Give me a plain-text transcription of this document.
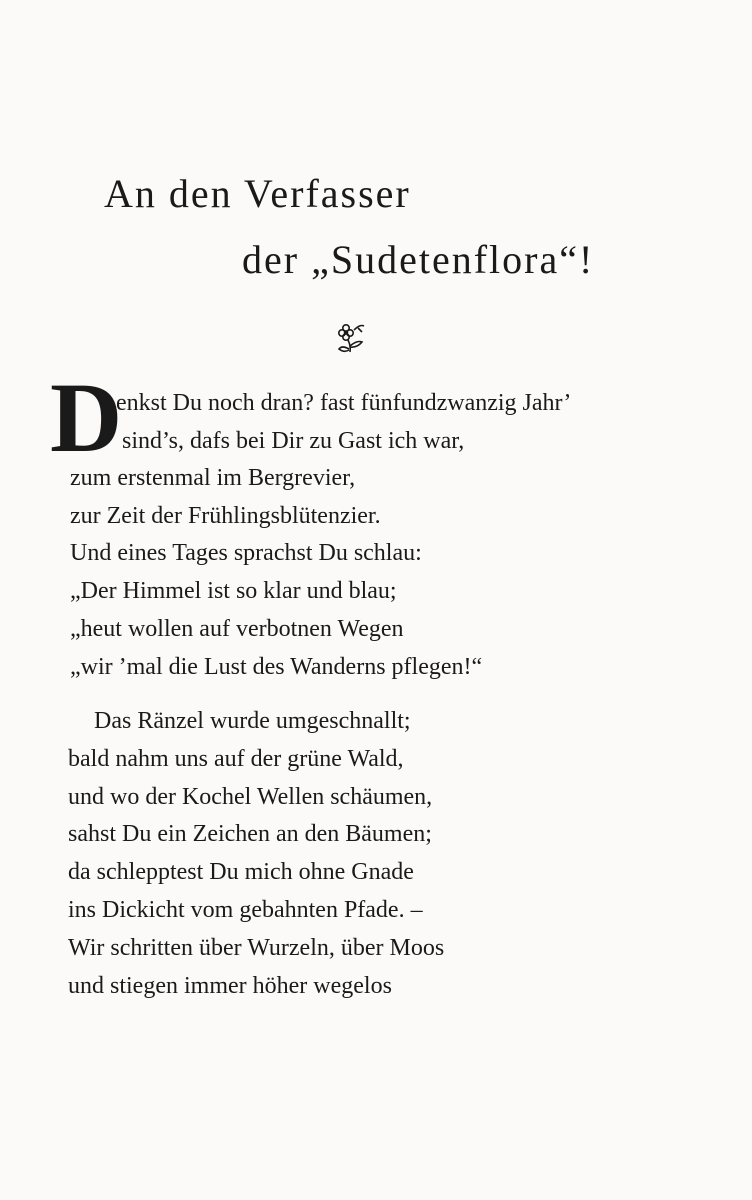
An den Verfasser
der „Sudetenflora“!
D
enkst Du noch dran? fast fünfundzwanzig Jahr’
sind’s, dafs bei Dir zu Gast ich war,
zum erstenmal im Bergrevier,
zur Zeit der Frühlingsblütenzier.
Und eines Tages sprachst Du schlau:
„Der Himmel ist so klar und blau;
„heut wollen auf verbotnen Wegen
„wir ’mal die Lust des Wanderns pflegen!“
Das Ränzel wurde umgeschnallt;
bald nahm uns auf der grüne Wald,
und wo der Kochel Wellen schäumen,
sahst Du ein Zeichen an den Bäumen;
da schlepptest Du mich ohne Gnade
ins Dickicht vom gebahnten Pfade. –
Wir schritten über Wurzeln, über Moos
und stiegen immer höher wegelos
